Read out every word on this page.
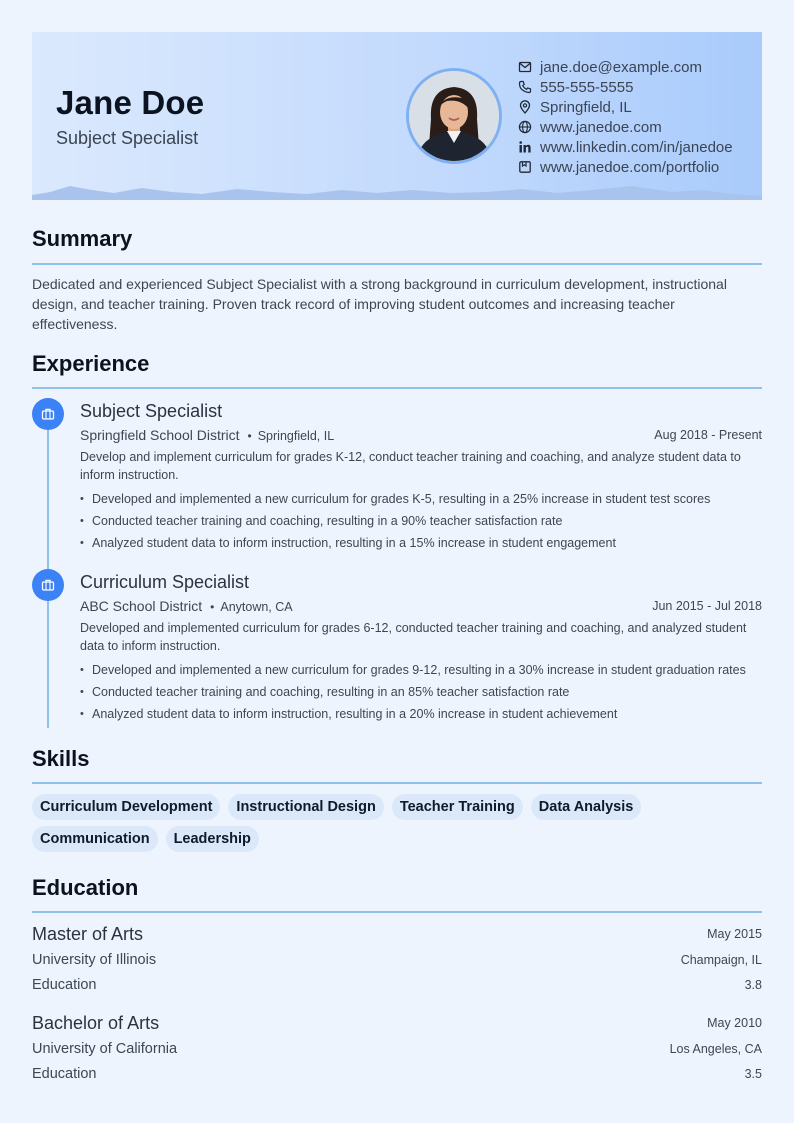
Jane Doe
Subject Specialist
jane.doe@example.com
555-555-5555
Springfield, IL
www.janedoe.com
www.linkedin.com/in/janedoe
www.janedoe.com/portfolio
Summary
Dedicated and experienced Subject Specialist with a strong background in curriculum development, instructional design, and teacher training. Proven track record of improving student outcomes and increasing teacher effectiveness.
Experience
Subject Specialist
Springfield School District • Springfield, IL	Aug 2018 - Present
Develop and implement curriculum for grades K-12, conduct teacher training and coaching, and analyze student data to inform instruction.
• Developed and implemented a new curriculum for grades K-5, resulting in a 25% increase in student test scores
• Conducted teacher training and coaching, resulting in a 90% teacher satisfaction rate
• Analyzed student data to inform instruction, resulting in a 15% increase in student engagement
Curriculum Specialist
ABC School District • Anytown, CA	Jun 2015 - Jul 2018
Developed and implemented curriculum for grades 6-12, conducted teacher training and coaching, and analyzed student data to inform instruction.
• Developed and implemented a new curriculum for grades 9-12, resulting in a 30% increase in student graduation rates
• Conducted teacher training and coaching, resulting in an 85% teacher satisfaction rate
• Analyzed student data to inform instruction, resulting in a 20% increase in student achievement
Skills
Curriculum Development	Instructional Design	Teacher Training	Data Analysis
Communication	Leadership
Education
Master of Arts	May 2015
University of Illinois	Champaign, IL
Education	3.8
Bachelor of Arts	May 2010
University of California	Los Angeles, CA
Education	3.5
